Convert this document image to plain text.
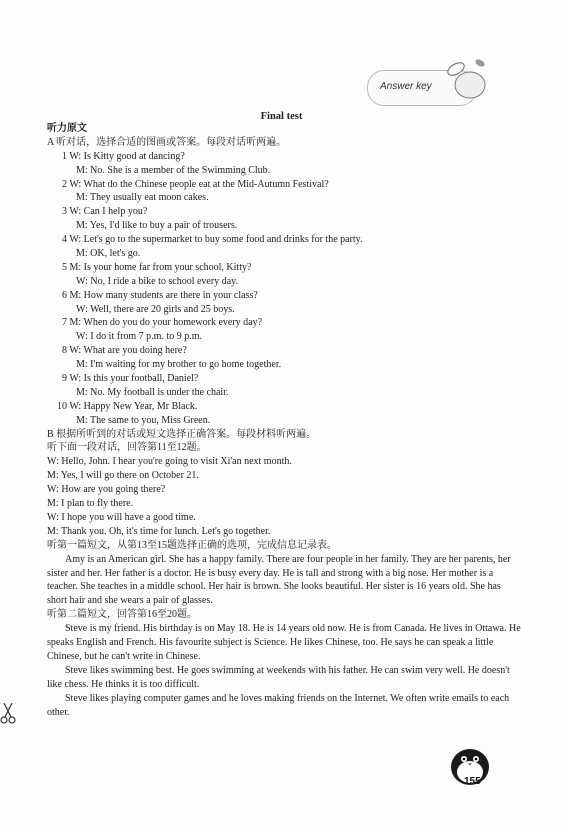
Answer key
Final test
听力原文
A 听对话，选择合适的图画或答案。每段对话听两遍。
1 W: Is Kitty good at dancing?
M: No. She is a member of the Swimming Club.
2 W: What do the Chinese people eat at the Mid-Autumn Festival?
M: They usually eat moon cakes.
3 W: Can I help you?
M: Yes, I'd like to buy a pair of trousers.
4 W: Let's go to the supermarket to buy some food and drinks for the party.
M: OK, let's go.
5 M: Is your home far from your school, Kitty?
W: No, I ride a bike to school every day.
6 M: How many students are there in your class?
W: Well, there are 20 girls and 25 boys.
7 M: When do you do your homework every day?
W: I do it from 7 p.m. to 9 p.m.
8 W: What are you doing here?
M: I'm waiting for my brother to go home together.
9 W: Is this your football, Daniel?
M: No. My football is under the chair.
10 W: Happy New Year, Mr Black.
M: The same to you, Miss Green.
B 根据所听到的对话或短文选择正确答案。每段材料听两遍。
听下面一段对话，回答第11至12题。
W: Hello, John. I hear you're going to visit Xi'an next month.
M: Yes, I will go there on October 21.
W: How are you going there?
M: I plan to fly there.
W: I hope you will have a good time.
M: Thank you. Oh, it's time for lunch. Let's go together.
听第一篇短文，从第13至15题选择正确的选项，完成信息记录表。
Amy is an American girl. She has a happy family. There are four people in her family. They are her parents, her sister and her. Her father is a doctor. He is busy every day. He is tall and strong with a big nose. Her mother is a teacher. She teaches in a middle school. Her hair is brown. She looks beautiful. Her sister is 16 years old. She has short hair and she wears a pair of glasses.
听第二篇短文，回答第16至20题。
Steve is my friend. His birthday is on May 18. He is 14 years old now. He is from Canada. He lives in Ottawa. He speaks English and French. His favourite subject is Science. He likes Chinese, too. He says he can speak a little Chinese, but he can't write in Chinese.
Steve likes swimming best. He goes swimming at weekends with his father. He can swim very well. He doesn't like chess. He thinks it is too difficult.
Steve likes playing computer games and he loves making friends on the Internet. We often write emails to each other.
155
